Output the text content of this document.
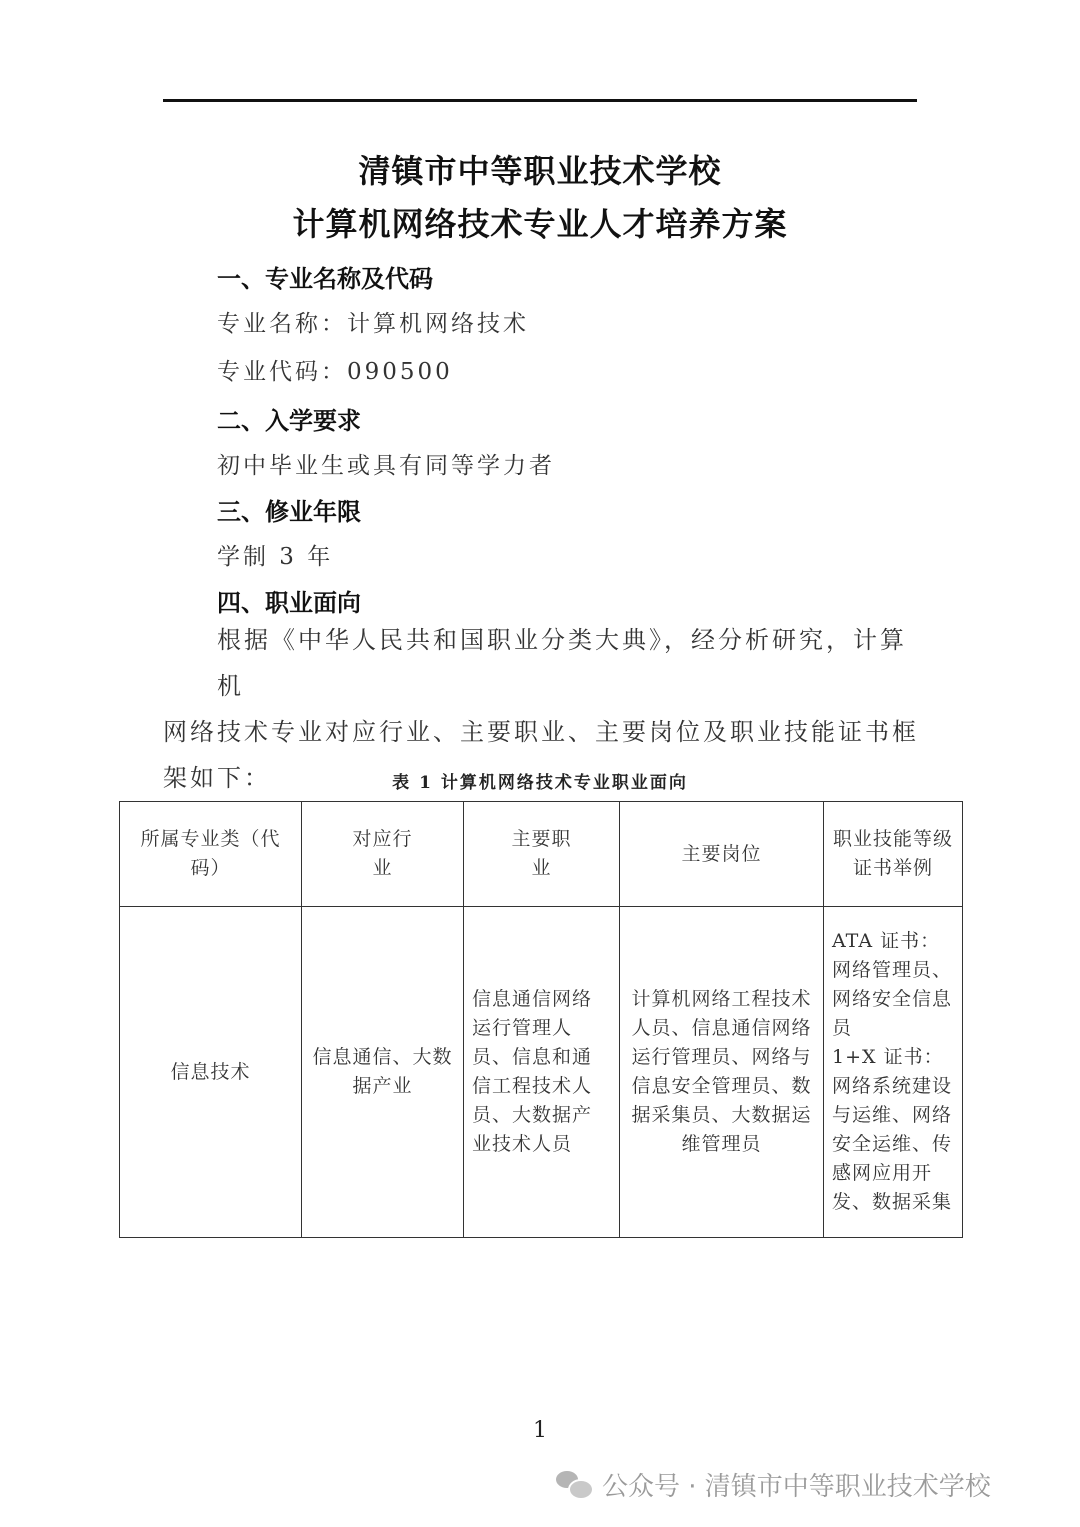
清镇市中等职业技术学校
计算机网络技术专业人才培养方案
一、专业名称及代码
专业名称：计算机网络技术
专业代码：090500
二、入学要求
初中毕业生或具有同等学力者
三、修业年限
学制 3 年
四、职业面向
根据《中华人民共和国职业分类大典》，经分析研究，计算机
网络技术专业对应行业、主要职业、主要岗位及职业技能证书框架如下：	表 1 计算机网络技术专业职业面向
所属专业类（代码）	对应行业	主要职业	主要岗位	职业技能等级证书举例
信息技术	信息通信、大数据产业	信息通信网络运行管理人员、信息和通信工程技术人员、大数据产业技术人员	计算机网络工程技术人员、信息通信网络运行管理员、网络与信息安全管理员、数据采集员、大数据运维管理员	ATA 证书：网络管理员、网络安全信息员
1+X 证书：网络系统建设与运维、网络安全运维、传感网应用开发、数据采集
1
公众号 · 清镇市中等职业技术学校
